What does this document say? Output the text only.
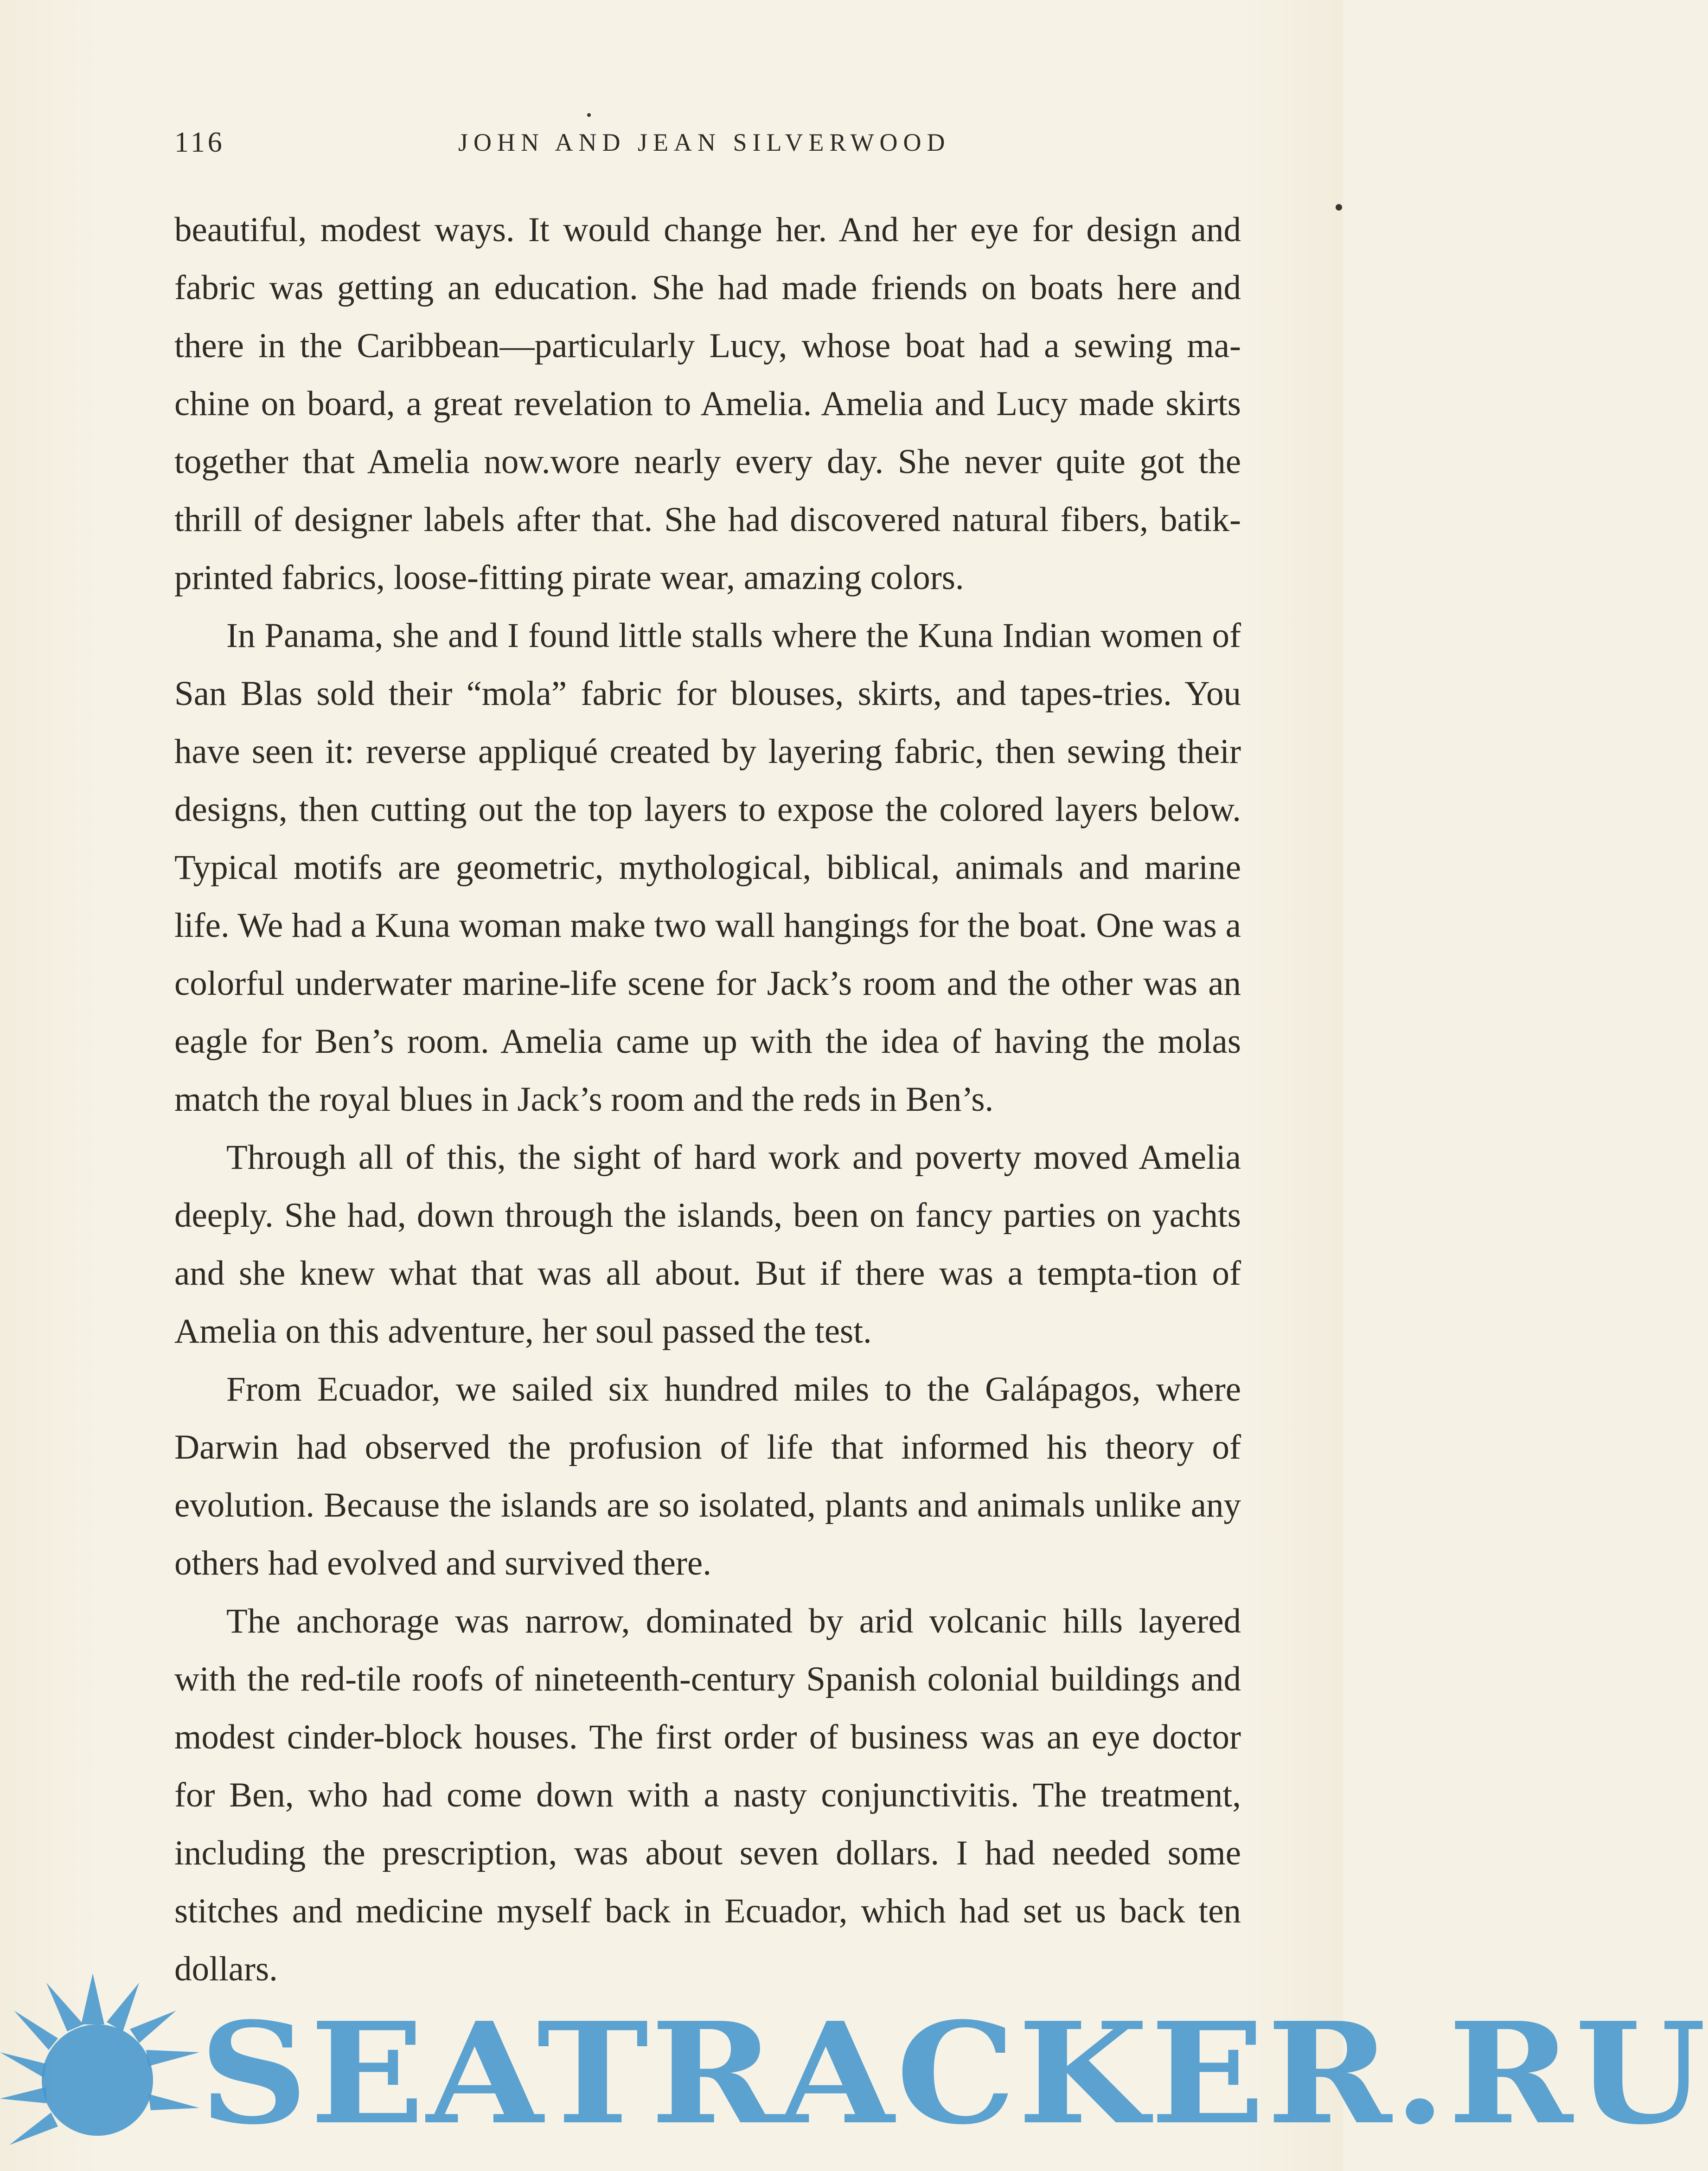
116	JOHN AND JEAN SILVERWOOD

beautiful, modest ways. It would change her. And her eye for design and fabric was getting an education. She had made friends on boats here and there in the Caribbean—particularly Lucy, whose boat had a sewing ma-chine on board, a great revelation to Amelia. Amelia and Lucy made skirts together that Amelia now.wore nearly every day. She never quite got the thrill of designer labels after that. She had discovered natural fibers, batik-printed fabrics, loose-fitting pirate wear, amazing colors.

In Panama, she and I found little stalls where the Kuna Indian women of San Blas sold their “mola” fabric for blouses, skirts, and tapes-tries. You have seen it: reverse appliqué created by layering fabric, then sewing their designs, then cutting out the top layers to expose the colored layers below. Typical motifs are geometric, mythological, biblical, animals and marine life. We had a Kuna woman make two wall hangings for the boat. One was a colorful underwater marine-life scene for Jack’s room and the other was an eagle for Ben’s room. Amelia came up with the idea of having the molas match the royal blues in Jack’s room and the reds in Ben’s.

Through all of this, the sight of hard work and poverty moved Amelia deeply. She had, down through the islands, been on fancy parties on yachts and she knew what that was all about. But if there was a tempta-tion of Amelia on this adventure, her soul passed the test.

From Ecuador, we sailed six hundred miles to the Galápagos, where Darwin had observed the profusion of life that informed his theory of evolution. Because the islands are so isolated, plants and animals unlike any others had evolved and survived there.

The anchorage was narrow, dominated by arid volcanic hills layered with the red-tile roofs of nineteenth-century Spanish colonial buildings and modest cinder-block houses. The first order of business was an eye doctor for Ben, who had come down with a nasty conjunctivitis. The treatment, including the prescription, was about seven dollars. I had needed some stitches and medicine myself back in Ecuador, which had set us back ten dollars.

SEATRACKER.RU
